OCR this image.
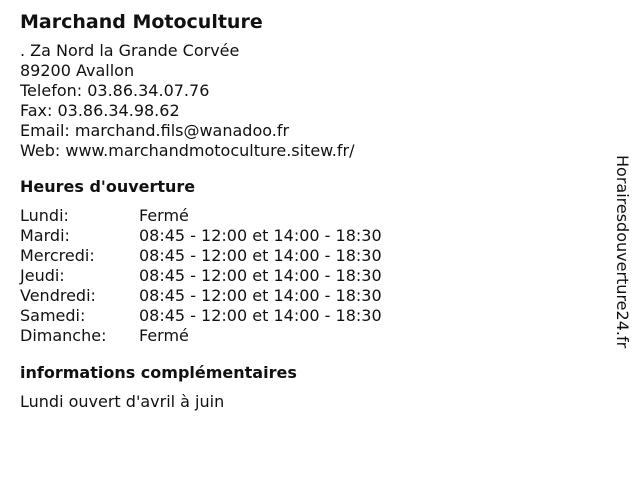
Marchand Motoculture
. Za Nord la Grande Corvée
89200 Avallon
Telefon: 03.86.34.07.76
Fax: 03.86.34.98.62
Email: marchand.fils@wanadoo.fr
Web: www.marchandmotoculture.sitew.fr/
Heures d'ouverture
Lundi:	Fermé
Mardi:	08:45 - 12:00 et 14:00 - 18:30
Mercredi:	08:45 - 12:00 et 14:00 - 18:30
Jeudi:	08:45 - 12:00 et 14:00 - 18:30
Vendredi:	08:45 - 12:00 et 14:00 - 18:30
Samedi:	08:45 - 12:00 et 14:00 - 18:30
Dimanche:	Fermé
informations complémentaires
Lundi ouvert d'avril à juin
Horairesdouverture24.fr
